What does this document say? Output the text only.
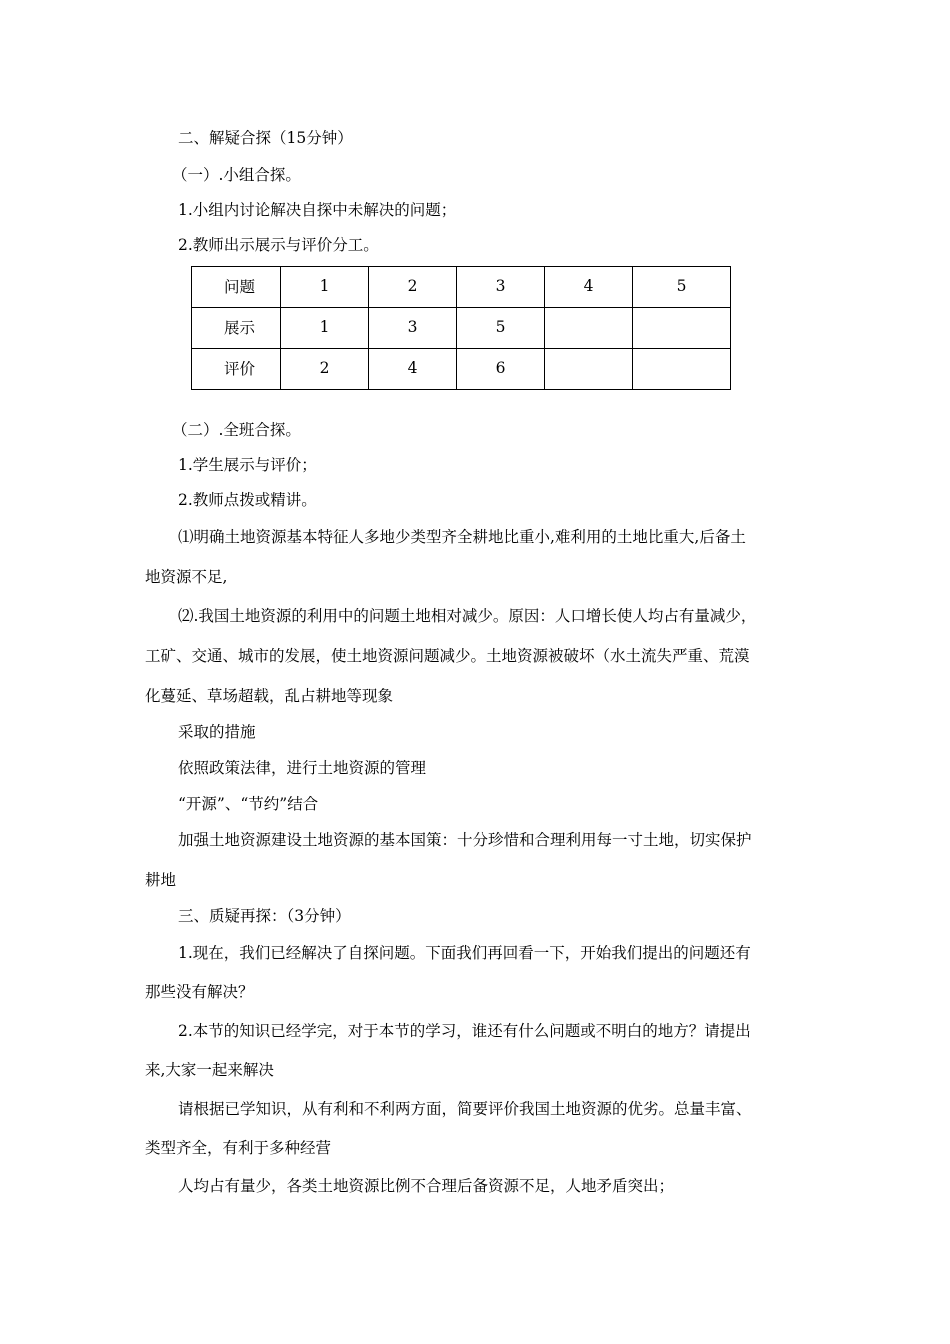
二、解疑合探（15分钟）
（一）.小组合探。
1.小组内讨论解决自探中未解决的问题；
2.教师出示展示与评价分工。
问题	1	2	3	4	5
展示	1	3	5		
评价	2	4	6		
（二）.全班合探。
1.学生展示与评价；
2.教师点拨或精讲。
⑴明确土地资源基本特征人多地少类型齐全耕地比重小,难利用的土地比重大,后备土
地资源不足,
⑵.我国土地资源的利用中的问题土地相对减少。原因：人口增长使人均占有量减少，
工矿、交通、城市的发展，使土地资源问题减少。土地资源被破坏（水土流失严重、荒漠
化蔓延、草场超载，乱占耕地等现象
采取的措施
依照政策法律，进行土地资源的管理
“开源”、“节约”结合
加强土地资源建设土地资源的基本国策：十分珍惜和合理利用每一寸土地，切实保护
耕地
三、质疑再探：（3分钟）
1.现在，我们已经解决了自探问题。下面我们再回看一下，开始我们提出的问题还有
那些没有解决？
2.本节的知识已经学完，对于本节的学习，谁还有什么问题或不明白的地方？请提出
来,大家一起来解决
请根据已学知识，从有利和不利两方面，简要评价我国土地资源的优劣。总量丰富、
类型齐全，有利于多种经营
人均占有量少，各类土地资源比例不合理后备资源不足，人地矛盾突出；
